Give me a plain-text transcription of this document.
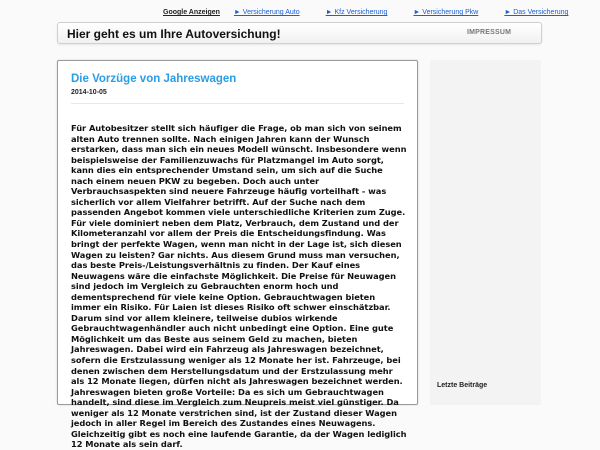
Google Anzeigen ► Versicherung Auto	► Kfz Versicherung	► Versicherung Pkw	► Das Versicherung
Hier geht es um Ihre Autoversichung!	IMPRESSUM
Die Vorzüge von Jahreswagen
2014-10-05
Für Autobesitzer stellt sich häufiger die Frage, ob man sich von seinem alten Auto trennen sollte. Nach einigen Jahren kann der Wunsch erstarken, dass man sich ein neues Modell wünscht. Insbesondere wenn beispielsweise der Familienzuwachs für Platzmangel im Auto sorgt, kann dies ein entsprechender Umstand sein, um sich auf die Suche nach einem neuen PKW zu begeben. Doch auch unter Verbrauchsaspekten sind neuere Fahrzeuge häufig vorteilhaft - was sicherlich vor allem Vielfahrer betrifft. Auf der Suche nach dem passenden Angebot kommen viele unterschiedliche Kriterien zum Zuge. Für viele dominiert neben dem Platz, Verbrauch, dem Zustand und der Kilometeranzahl vor allem der Preis die Entscheidungsfindung. Was bringt der perfekte Wagen, wenn man nicht in der Lage ist, sich diesen Wagen zu leisten? Gar nichts. Aus diesem Grund muss man versuchen, das beste Preis-/Leistungsverhältnis zu finden. Der Kauf eines Neuwagens wäre die einfachste Möglichkeit. Die Preise für Neuwagen sind jedoch im Vergleich zu Gebrauchten enorm hoch und dementsprechend für viele keine Option. Gebrauchtwagen bieten immer ein Risiko. Für Laien ist dieses Risiko oft schwer einschätzbar. Darum sind vor allem kleinere, teilweise dubios wirkende Gebrauchtwagenhändler auch nicht unbedingt eine Option. Eine gute Möglichkeit um das Beste aus seinem Geld zu machen, bieten Jahreswagen. Dabei wird ein Fahrzeug als Jahreswagen bezeichnet, sofern die Erstzulassung weniger als 12 Monate her ist. Fahrzeuge, bei denen zwischen dem Herstellungsdatum und der Erstzulassung mehr als 12 Monate liegen, dürfen nicht als Jahreswagen bezeichnet werden. Jahreswagen bieten große Vorteile: Da es sich um Gebrauchtwagen handelt, sind diese im Vergleich zum Neupreis meist viel günstiger. Da weniger als 12 Monate verstrichen sind, ist der Zustand dieser Wagen jedoch in aller Regel im Bereich des Zustandes eines Neuwagens. Gleichzeitig gibt es noch eine laufende Garantie, da der Wagen lediglich 12 Monate als sein darf.
Letzte Beiträge
